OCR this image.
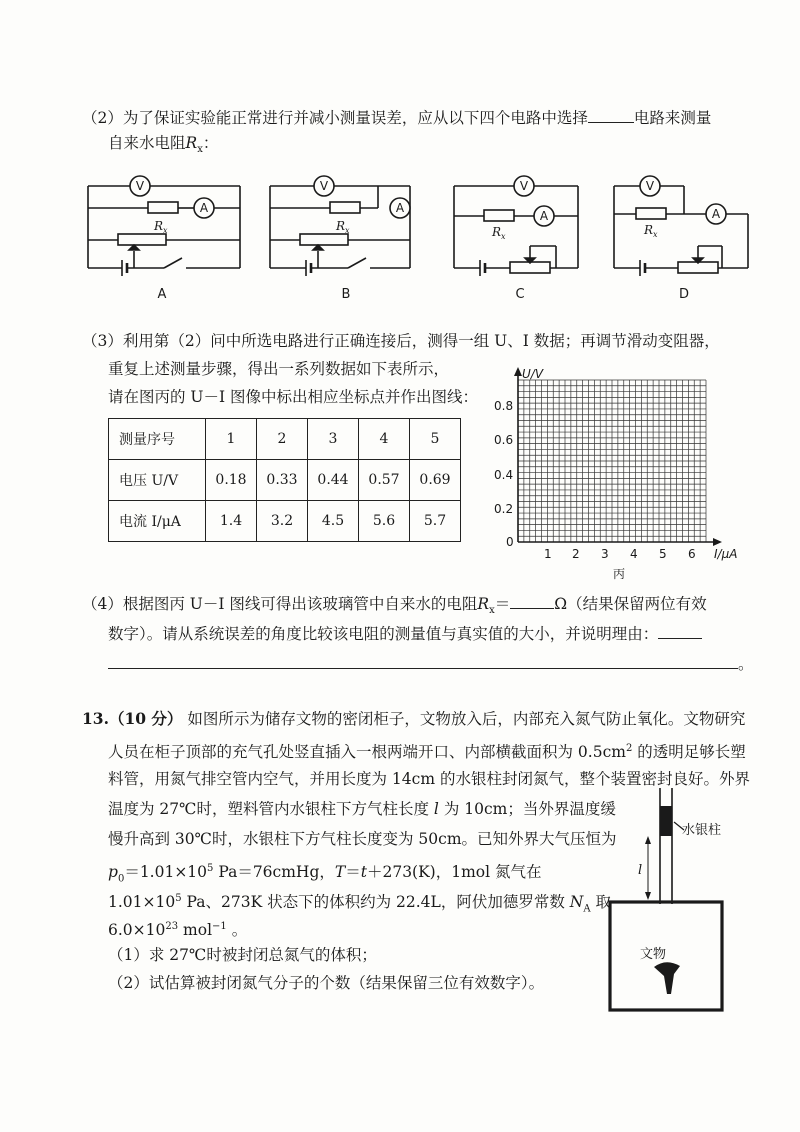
（2）为了保证实验能正常进行并减小测量误差，应从以下四个电路中选择	电路来测量
自来水电阻$R_x$：
V
A
V
A
V
A
V
A
$R_x$	$R_x$	$R_x$	$R_x$
A	B	C	D
（3）利用第（2）问中所选电路进行正确连接后，测得一组 U、I 数据；再调节滑动变阻器，
重复上述测量步骤，得出一系列数据如下表所示，
请在图丙的 U－I 图像中标出相应坐标点并作出图线：
测量序号	1	2	3	4	5
电压 U/V	0.18	0.33	0.44	0.57	0.69
电流 I/μA	1.4	3.2	4.5	5.6	5.7
U/V
I/μA
0
0.2
0.4
0.6
0.8
1 2 3 4 5 6
丙
（4）根据图丙 U－I 图线可得出该玻璃管中自来水的电阻$R_x=$	Ω（结果保留两位有效
数字）。请从系统误差的角度比较该电阻的测量值与真实值的大小，并说明理由：
。
13.（10 分） 如图所示为储存文物的密闭柜子，文物放入后，内部充入氮气防止氧化。文物研究
人员在柜子顶部的充气孔处竖直插入一根两端开口、内部横截面积为 $0.5cm^2$ 的透明足够长塑
料管，用氮气排空管内空气，并用长度为 14cm 的水银柱封闭氮气，整个装置密封良好。外界
温度为 27℃时，塑料管内水银柱下方气柱长度 l 为 10cm；当外界温度缓
慢升高到 30℃时，水银柱下方气柱长度变为 50cm。已知外界大气压恒为
$p_0=1.01\times 10^5$ Pa＝76cmHg，T＝t＋273(K)，1mol 氮气在
$1.01\times 10^5$ Pa、273K 状态下的体积约为 22.4L，阿伏加德罗常数 $N_A$ 取
$6.0\times 10^{23}$ mol$^{-1}$ 。
（1）求 27℃时被封闭总氮气的体积；
（2）试估算被封闭氮气分子的个数（结果保留三位有效数字）。
水银柱
l
文物
